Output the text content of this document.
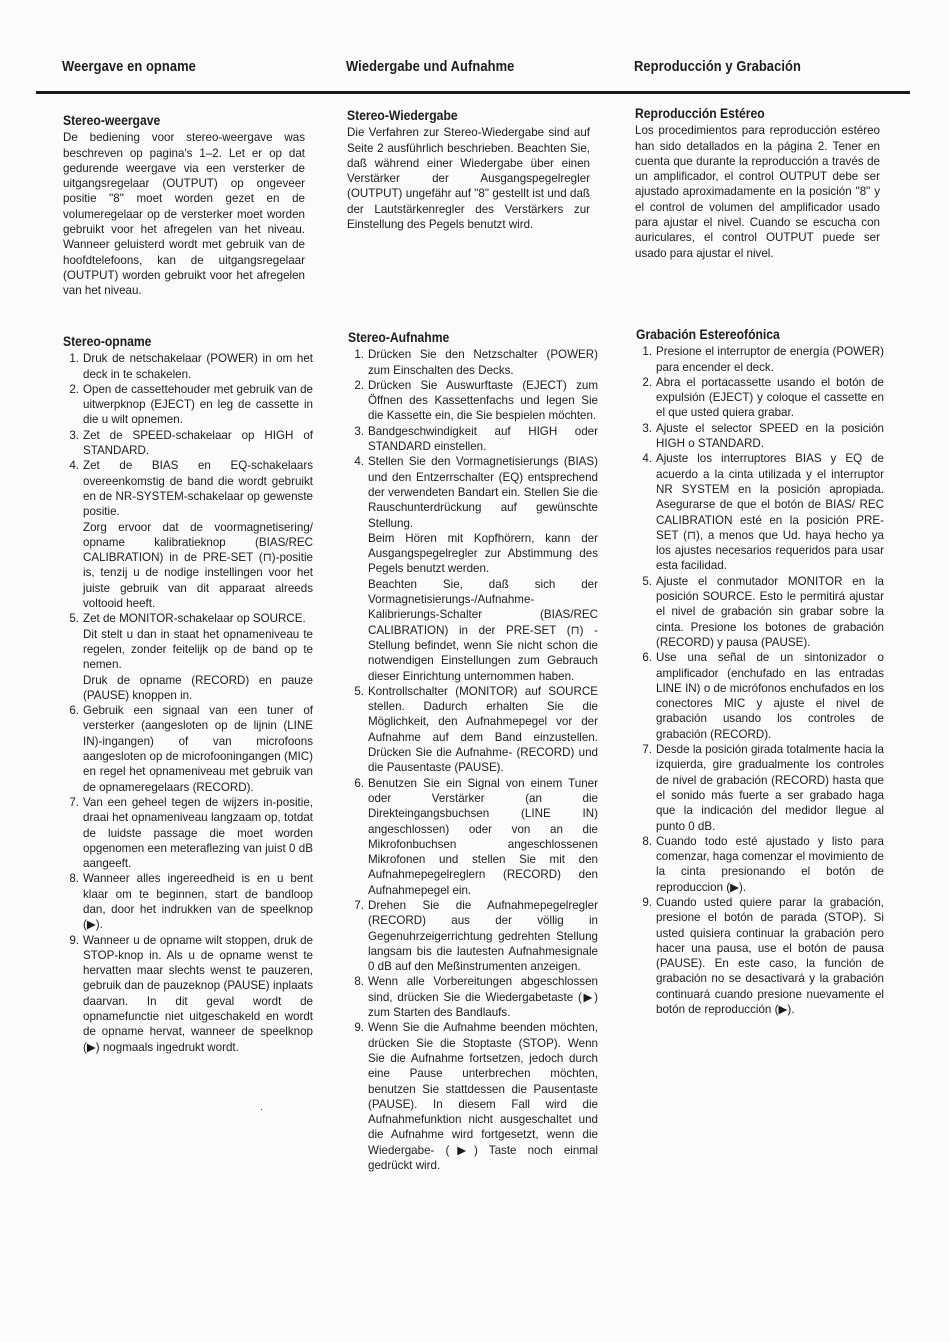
Weergave en opname	Wiedergabe und Aufnahme	Reproducción y Grabación
Stereo-weergave

De bediening voor stereo-weergave was beschreven op pagina's 1–2. Let er op dat gedurende weergave via een versterker de uitgangsregelaar (OUTPUT) op ongeveer positie "8" moet worden gezet en de volumeregelaar op de versterker moet worden gebruikt voor het afregelen van het niveau. Wanneer geluisterd wordt met gebruik van de hoofdtelefoons, kan de uitgangsregelaar (OUTPUT) worden gebruikt voor het afregelen van het niveau.

Stereo-Wiedergabe

Die Verfahren zur Stereo-Wiedergabe sind auf Seite 2 ausführlich beschrieben. Beachten Sie, daß während einer Wiedergabe über einen Verstärker der Ausgangspegelregler (OUTPUT) ungefähr auf "8" gestellt ist und daß der Lautstärkenregler des Verstärkers zur Einstellung des Pegels benutzt wird.

Reproducción Estéreo

Los procedimientos para reproducción estéreo han sido detallados en la página 2. Tener en cuenta que durante la reproducción a través de un amplificador, el control OUTPUT debe ser ajustado aproximadamente en la posición "8" y el control de volumen del amplificador usado para ajustar el nivel. Cuando se escucha con auriculares, el control OUTPUT puede ser usado para ajustar el nivel.

Stereo-opname
1. Druk de netschakelaar (POWER) in om het deck in te schakelen.
2. Open de cassettehouder met gebruik van de uitwerpknop (EJECT) en leg de cassette in die u wilt opnemen.
3. Zet de SPEED-schakelaar op HIGH of STANDARD.
4. Zet de BIAS en EQ-schakelaars overeenkomstig de band die wordt gebruikt en de NR-SYSTEM-schakelaar op gewenste positie.

Zorg ervoor dat de voormagnetisering/ opname kalibratieknop (BIAS/REC CALIBRATION) in de PRE-SET (⊓)-positie is, tenzij u de nodige instellingen voor het juiste gebruik van dit apparaat alreeds voltooid heeft.

5. Zet de MONITOR-schakelaar op SOURCE.

Dit stelt u dan in staat het opnameniveau te regelen, zonder feitelijk op de band op te nemen.

Druk de opname (RECORD) en pauze (PAUSE) knoppen in.

6. Gebruik een signaal van een tuner of versterker (aangesloten op de lijnin (LINE IN)-ingangen) of van microfoons aangesloten op de microfooningangen (MIC) en regel het opnameniveau met gebruik van de opnameregelaars (RECORD).
7. Van een geheel tegen de wijzers in-positie, draai het opnameniveau langzaam op, totdat de luidste passage die moet worden opgenomen een meteraflezing van juist 0 dB aangeeft.
8. Wanneer alles ingereedheid is en u bent klaar om te beginnen, start de bandloop dan, door het indrukken van de speelknop (▶).
9. Wanneer u de opname wilt stoppen, druk de STOP-knop in. Als u de opname wenst te hervatten maar slechts wenst te pauzeren, gebruik dan de pauzeknop (PAUSE) inplaats daarvan. In dit geval wordt de opnamefunctie niet uitgeschakeld en wordt de opname hervat, wanneer de speelknop (▶) nogmaals ingedrukt wordt.
Stereo-Aufnahme
1. Drücken Sie den Netzschalter (POWER) zum Einschalten des Decks.
2. Drücken Sie Auswurftaste (EJECT) zum Öffnen des Kassettenfachs und legen Sie die Kassette ein, die Sie bespielen möchten.
3. Bandgeschwindigkeit auf HIGH oder STANDARD einstellen.
4. Stellen Sie den Vormagnetisierungs (BIAS) und den Entzerrschalter (EQ) entsprechend der verwendeten Bandart ein. Stellen Sie die Rauschunterdrückung auf gewünschte Stellung.

Beim Hören mit Kopfhörern, kann der Ausgangspegelregler zur Abstimmung des Pegels benutzt werden.

Beachten Sie, daß sich der Vormagnetisierungs-/Aufnahme-Kalibrierungs-Schalter (BIAS/REC CALIBRATION) in der PRE-SET (⊓) -Stellung befindet, wenn Sie nicht schon die notwendigen Einstellungen zum Gebrauch dieser Einrichtung unternommen haben.

5. Kontrollschalter (MONITOR) auf SOURCE stellen. Dadurch erhalten Sie die Möglichkeit, den Aufnahmepegel vor der Aufnahme auf dem Band einzustellen. Drücken Sie die Aufnahme- (RECORD) und die Pausentaste (PAUSE).
6. Benutzen Sie ein Signal von einem Tuner oder Verstärker (an die Direkteingangsbuchsen (LINE IN) angeschlossen) oder von an die Mikrofonbuchsen angeschlossenen Mikrofonen und stellen Sie mit den Aufnahmepegelreglern (RECORD) den Aufnahmepegel ein.
7. Drehen Sie die Aufnahmepegelregler (RECORD) aus der völlig in Gegenuhrzeigerrichtung gedrehten Stellung langsam bis die lautesten Aufnahmesignale 0 dB auf den Meßinstrumenten anzeigen.
8. Wenn alle Vorbereitungen abgeschlossen sind, drücken Sie die Wiedergabetaste (▶) zum Starten des Bandlaufs.
9. Wenn Sie die Aufnahme beenden möchten, drücken Sie die Stoptaste (STOP). Wenn Sie die Aufnahme fortsetzen, jedoch durch eine Pause unterbrechen möchten, benutzen Sie stattdessen die Pausentaste (PAUSE). In diesem Fall wird die Aufnahmefunktion nicht ausgeschaltet und die Aufnahme wird fortgesetzt, wenn die Wiedergabe- (▶) Taste noch einmal gedrückt wird.
Grabación Estereofónica
1. Presione el interruptor de energía (POWER) para encender el deck.
2. Abra el portacassette usando el botón de expulsión (EJECT) y coloque el cassette en el que usted quiera grabar.
3. Ajuste el selector SPEED en la posición HIGH o STANDARD.
4. Ajuste los interruptores BIAS y EQ de acuerdo a la cinta utilizada y el interruptor NR SYSTEM en la posición apropiada. Asegurarse de que el botón de BIAS/ REC CALIBRATION esté en la posición PRE-SET (⊓), a menos que Ud. haya hecho ya los ajustes necesarios requeridos para usar esta facilidad.
5. Ajuste el conmutador MONITOR en la posición SOURCE. Esto le permitirá ajustar el nivel de grabación sin grabar sobre la cinta. Presione los botones de grabación (RECORD) y pausa (PAUSE).
6. Use una señal de un sintonizador o amplificador (enchufado en las entradas LINE IN) o de micrófonos enchufados en los conectores MIC y ajuste el nivel de grabación usando los controles de grabación (RECORD).
7. Desde la posición girada totalmente hacia la izquierda, gire gradualmente los controles de nivel de grabación (RECORD) hasta que el sonido más fuerte a ser grabado haga que la indicación del medidor llegue al punto 0 dB.
8. Cuando todo esté ajustado y listo para comenzar, haga comenzar el movimiento de la cinta presionando el botón de reproduccion (▶).
9. Cuando usted quiere parar la grabación, presione el botón de parada (STOP). Si usted quisiera continuar la grabación pero hacer una pausa, use el botón de pausa (PAUSE). En este caso, la función de grabación no se desactivará y la grabación continuará cuando presione nuevamente el botón de reproducción (▶).
·
